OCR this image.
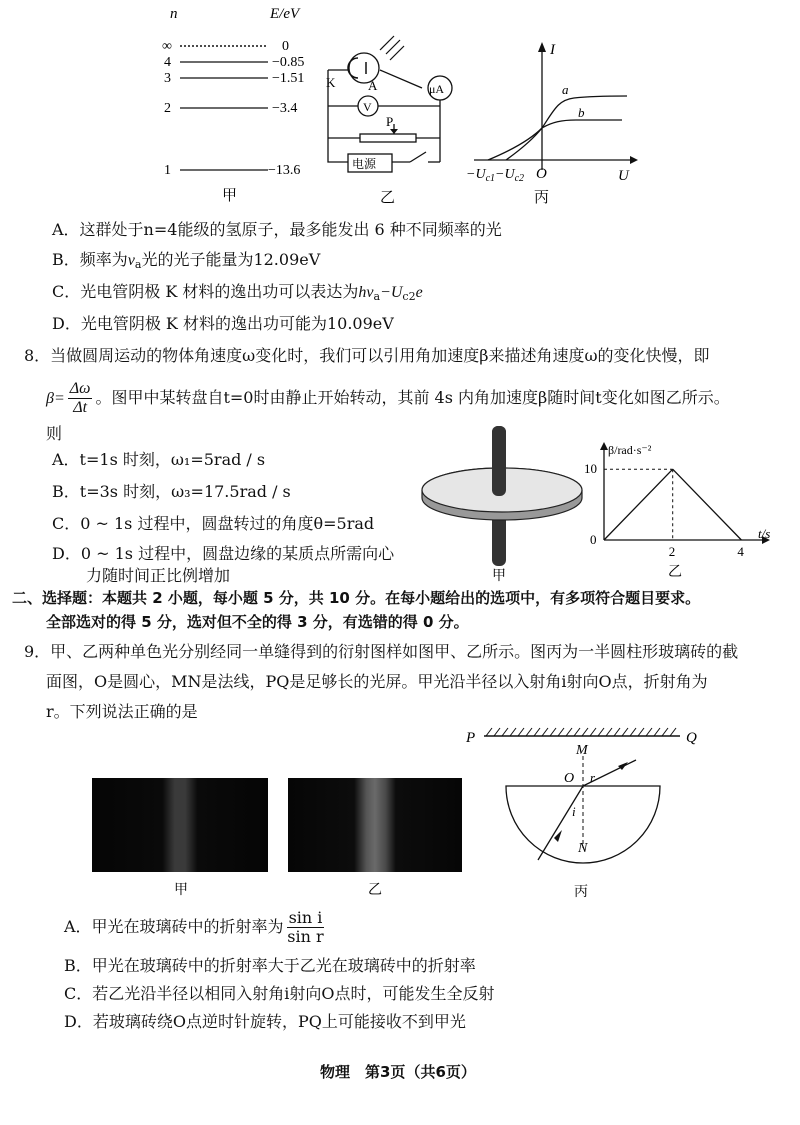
n	E/eV
∞	0
4	−0.85
3	−1.51
2	−3.4
1	−13.6
甲
K	A	μA
V
P
电源
乙
I
U
O
a
b
$-U_{c1}-U_{c2}$
丙
A．这群处于n=4能级的氢原子，最多能发出 6 种不同频率的光
B．频率为$\nu_a$光的光子能量为12.09eV
C．光电管阴极 K 材料的逸出功可以表达为$h\nu_a-U_{c2}e$
D．光电管阴极 K 材料的逸出功可能为10.09eV
8．当做圆周运动的物体角速度ω变化时，我们可以引用角加速度β来描述角速度ω的变化快慢，即
$\beta= \frac{\Delta\omega}{\Delta t}$ 。图甲中某转盘自t=0时由静止开始转动，其前 4s 内角加速度β随时间t变化如图乙所示。
则
A．t=1s 时刻，ω₁=5rad / s
B．t=3s 时刻，ω₃=17.5rad / s
C．0 ~ 1s 过程中，圆盘转过的角度θ=5rad
D．0 ~ 1s 过程中，圆盘边缘的某质点所需向心
力随时间正比例增加	甲
β/rad·s⁻²
t/s
0
10
2	4
乙
二、选择题：本题共 2 小题，每小题 5 分，共 10 分。在每小题给出的选项中，有多项符合题目要求。
全部选对的得 5 分，选对但不全的得 3 分，有选错的得 0 分。
9．甲、乙两种单色光分别经同一单缝得到的衍射图样如图甲、乙所示。图丙为一半圆柱形玻璃砖的截
面图，O是圆心，MN是法线，PQ是足够长的光屏。甲光沿半径以入射角i射向O点，折射角为
r。下列说法正确的是
甲	乙
P	Q
M
O
N
i
r
丙
A．甲光在玻璃砖中的折射率为 $\frac{\text{sin i}}{\text{sin r}}$
B．甲光在玻璃砖中的折射率大于乙光在玻璃砖中的折射率
C．若乙光沿半径以相同入射角i射向O点时，可能发生全反射
D．若玻璃砖绕O点逆时针旋转，PQ上可能接收不到甲光
物理　第3页（共6页）
